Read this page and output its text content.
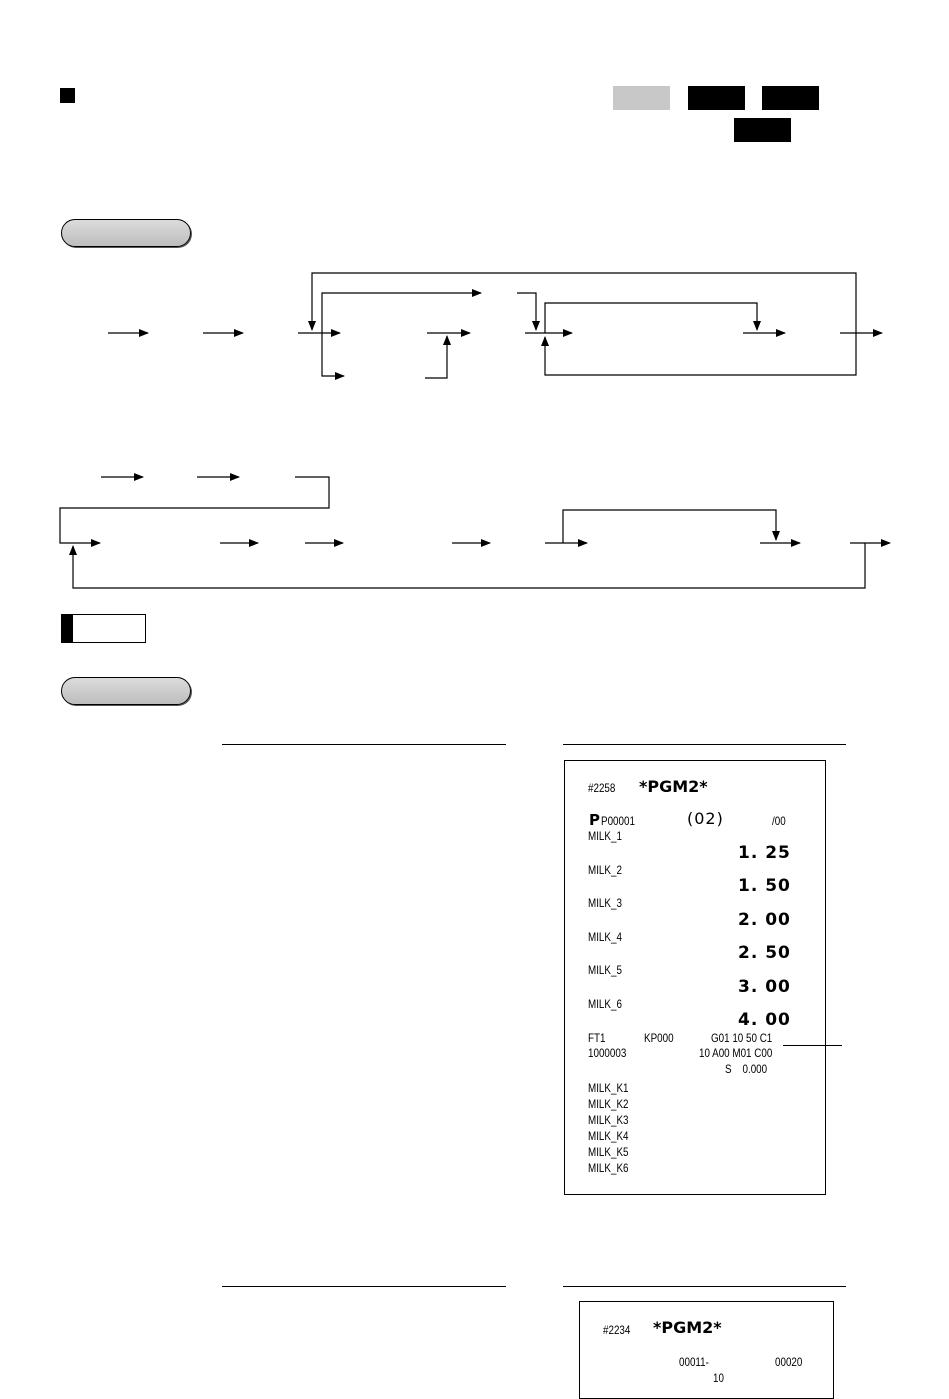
#2258 *PGM2*
P P00001	(02)	/00
MILK_1
1. 25
MILK_2
1. 50
MILK_3
2. 00
MILK_4
2. 50
MILK_5
3. 00
MILK_6
4. 00
FT1	KP000	G01 10 50 C1
1000003	10 A00 M01 C00
S    0.000
MILK_K1
MILK_K2
MILK_K3
MILK_K4
MILK_K5
MILK_K6
#2234 *PGM2*
00011-	00020
10
